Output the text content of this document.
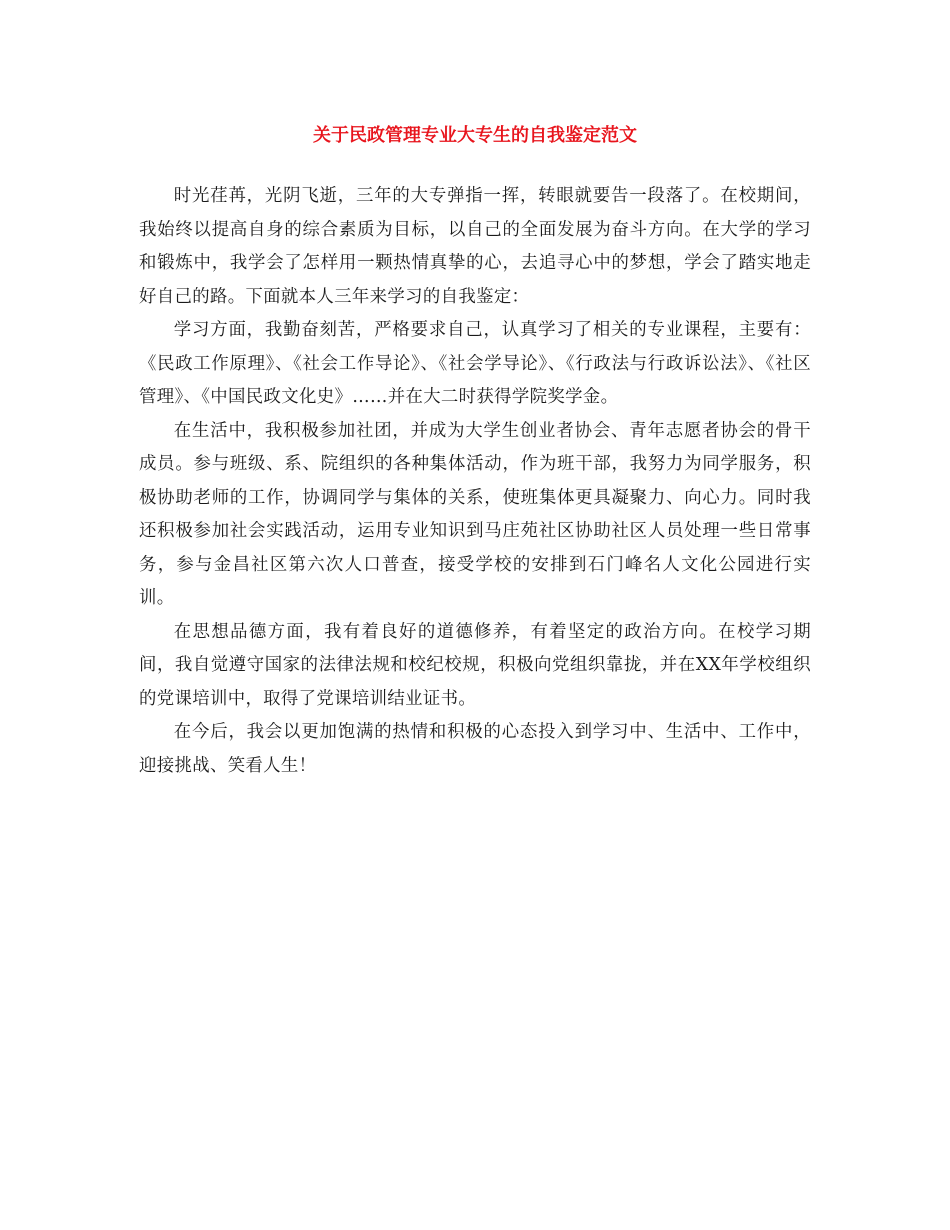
关于民政管理专业大专生的自我鉴定范文

时光荏苒，光阴飞逝，三年的大专弹指一挥，转眼就要告一段落了。在校期间，我始终以提高自身的综合素质为目标，以自己的全面发展为奋斗方向。在大学的学习和锻炼中，我学会了怎样用一颗热情真挚的心，去追寻心中的梦想，学会了踏实地走好自己的路。下面就本人三年来学习的自我鉴定：

学习方面，我勤奋刻苦，严格要求自己，认真学习了相关的专业课程，主要有：《民政工作原理》、《社会工作导论》、《社会学导论》、《行政法与行政诉讼法》、《社区管理》、《中国民政文化史》……并在大二时获得学院奖学金。

在生活中，我积极参加社团，并成为大学生创业者协会、青年志愿者协会的骨干成员。参与班级、系、院组织的各种集体活动，作为班干部，我努力为同学服务，积极协助老师的工作，协调同学与集体的关系，使班集体更具凝聚力、向心力。同时我还积极参加社会实践活动，运用专业知识到马庄苑社区协助社区人员处理一些日常事务，参与金昌社区第六次人口普查，接受学校的安排到石门峰名人文化公园进行实训。

在思想品德方面，我有着良好的道德修养，有着坚定的政治方向。在校学习期间，我自觉遵守国家的法律法规和校纪校规，积极向党组织靠拢，并在XX年学校组织的党课培训中，取得了党课培训结业证书。

在今后，我会以更加饱满的热情和积极的心态投入到学习中、生活中、工作中，迎接挑战、笑看人生！
